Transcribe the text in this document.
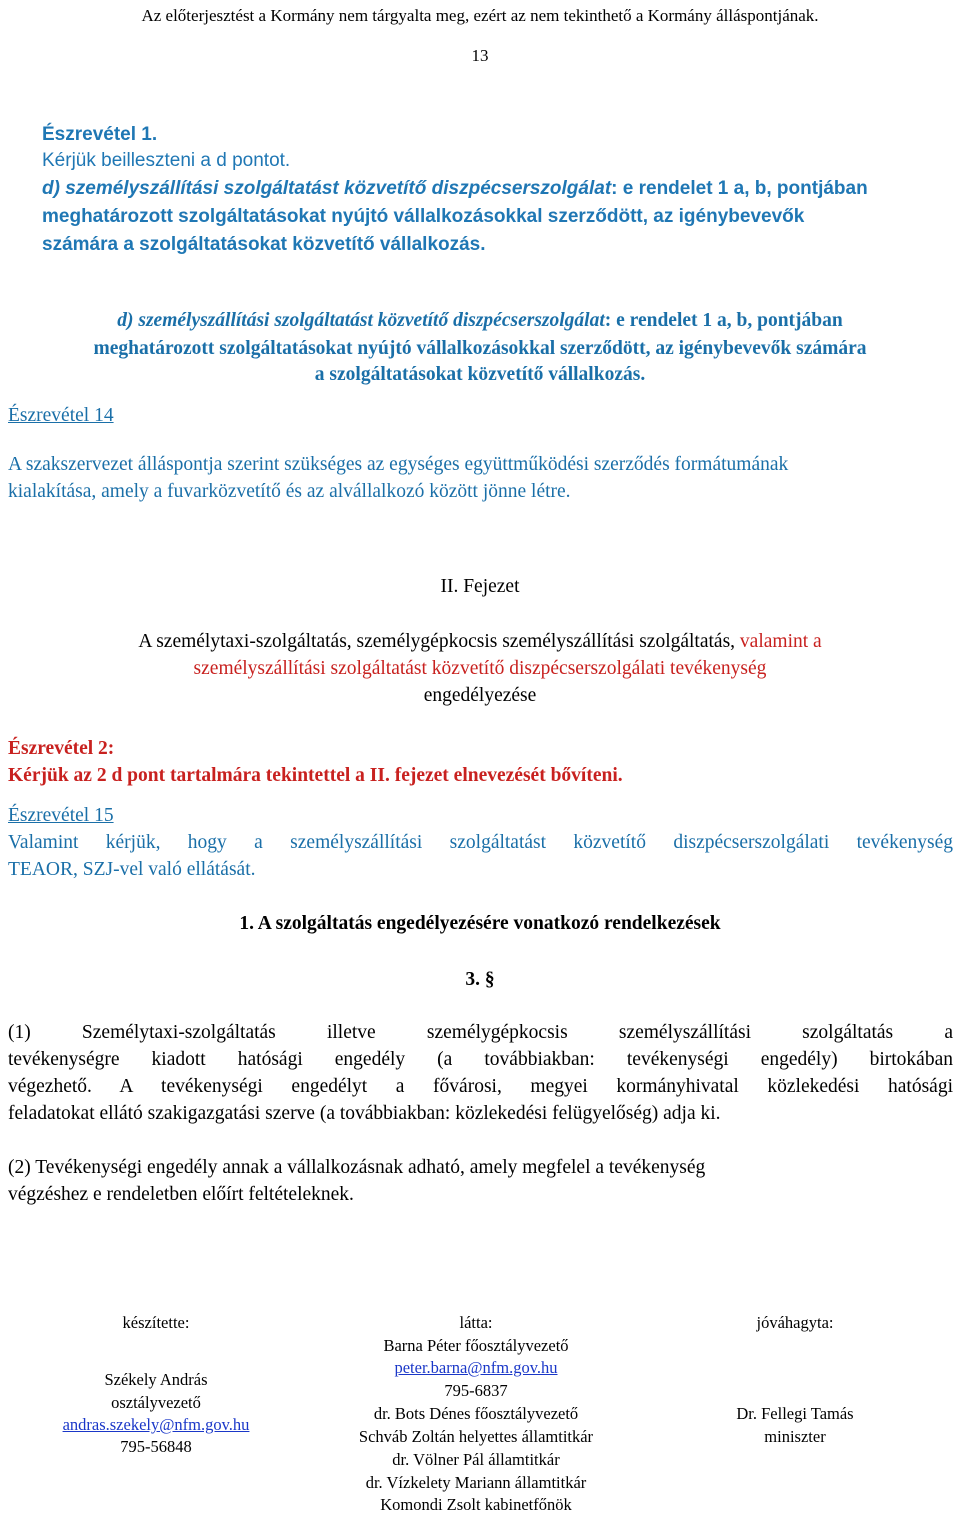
Az előterjesztést a Kormány nem tárgyalta meg, ezért az nem tekinthető a Kormány álláspontjának.
13
Észrevétel 1.
Kérjük beilleszteni a d pontot.
d) személyszállítási szolgáltatást közvetítő diszpécserszolgálat: e rendelet 1 a, b, pontjában
meghatározott szolgáltatásokat nyújtó vállalkozásokkal szerződött, az igénybevevők
számára a szolgáltatásokat közvetítő vállalkozás.
d) személyszállítási szolgáltatást közvetítő diszpécserszolgálat: e rendelet 1 a, b, pontjában
meghatározott szolgáltatásokat nyújtó vállalkozásokkal szerződött, az igénybevevők számára
a szolgáltatásokat közvetítő vállalkozás.
Észrevétel 14
A szakszervezet álláspontja szerint szükséges az egységes együttműködési szerződés formátumának
kialakítása, amely a fuvarközvetítő és az alvállalkozó között jönne létre.
II. Fejezet
A személytaxi-szolgáltatás, személygépkocsis személyszállítási szolgáltatás, valamint a
személyszállítási szolgáltatást közvetítő diszpécserszolgálati tevékenység
engedélyezése
Észrevétel 2:
Kérjük az 2 d pont tartalmára tekintettel a II. fejezet elnevezését bővíteni.
Észrevétel 15
Valamint kérjük, hogy a személyszállítási szolgáltatást közvetítő diszpécserszolgálati tevékenység
TEAOR, SZJ-vel való ellátását.
1. A szolgáltatás engedélyezésére vonatkozó rendelkezések
3. §
(1) Személytaxi-szolgáltatás illetve személygépkocsis személyszállítási szolgáltatás a
tevékenységre kiadott hatósági engedély (a továbbiakban: tevékenységi engedély) birtokában
végezhető. A tevékenységi engedélyt a fővárosi, megyei kormányhivatal közlekedési hatósági
feladatokat ellátó szakigazgatási szerve (a továbbiakban: közlekedési felügyelőség) adja ki.
(2) Tevékenységi engedély annak a vállalkozásnak adható, amely megfelel a tevékenység
végzéshez e rendeletben előírt feltételeknek.
készítette:
Székely András
osztályvezető
andras.szekely@nfm.gov.hu
795-56848
látta:
Barna Péter főosztályvezető
peter.barna@nfm.gov.hu
795-6837
dr. Bots Dénes főosztályvezető
Schváb Zoltán helyettes államtitkár
dr. Völner Pál államtitkár
dr. Vízkelety Mariann államtitkár
Komondi Zsolt kabinetfőnök
jóváhagyta:
Dr. Fellegi Tamás
miniszter
